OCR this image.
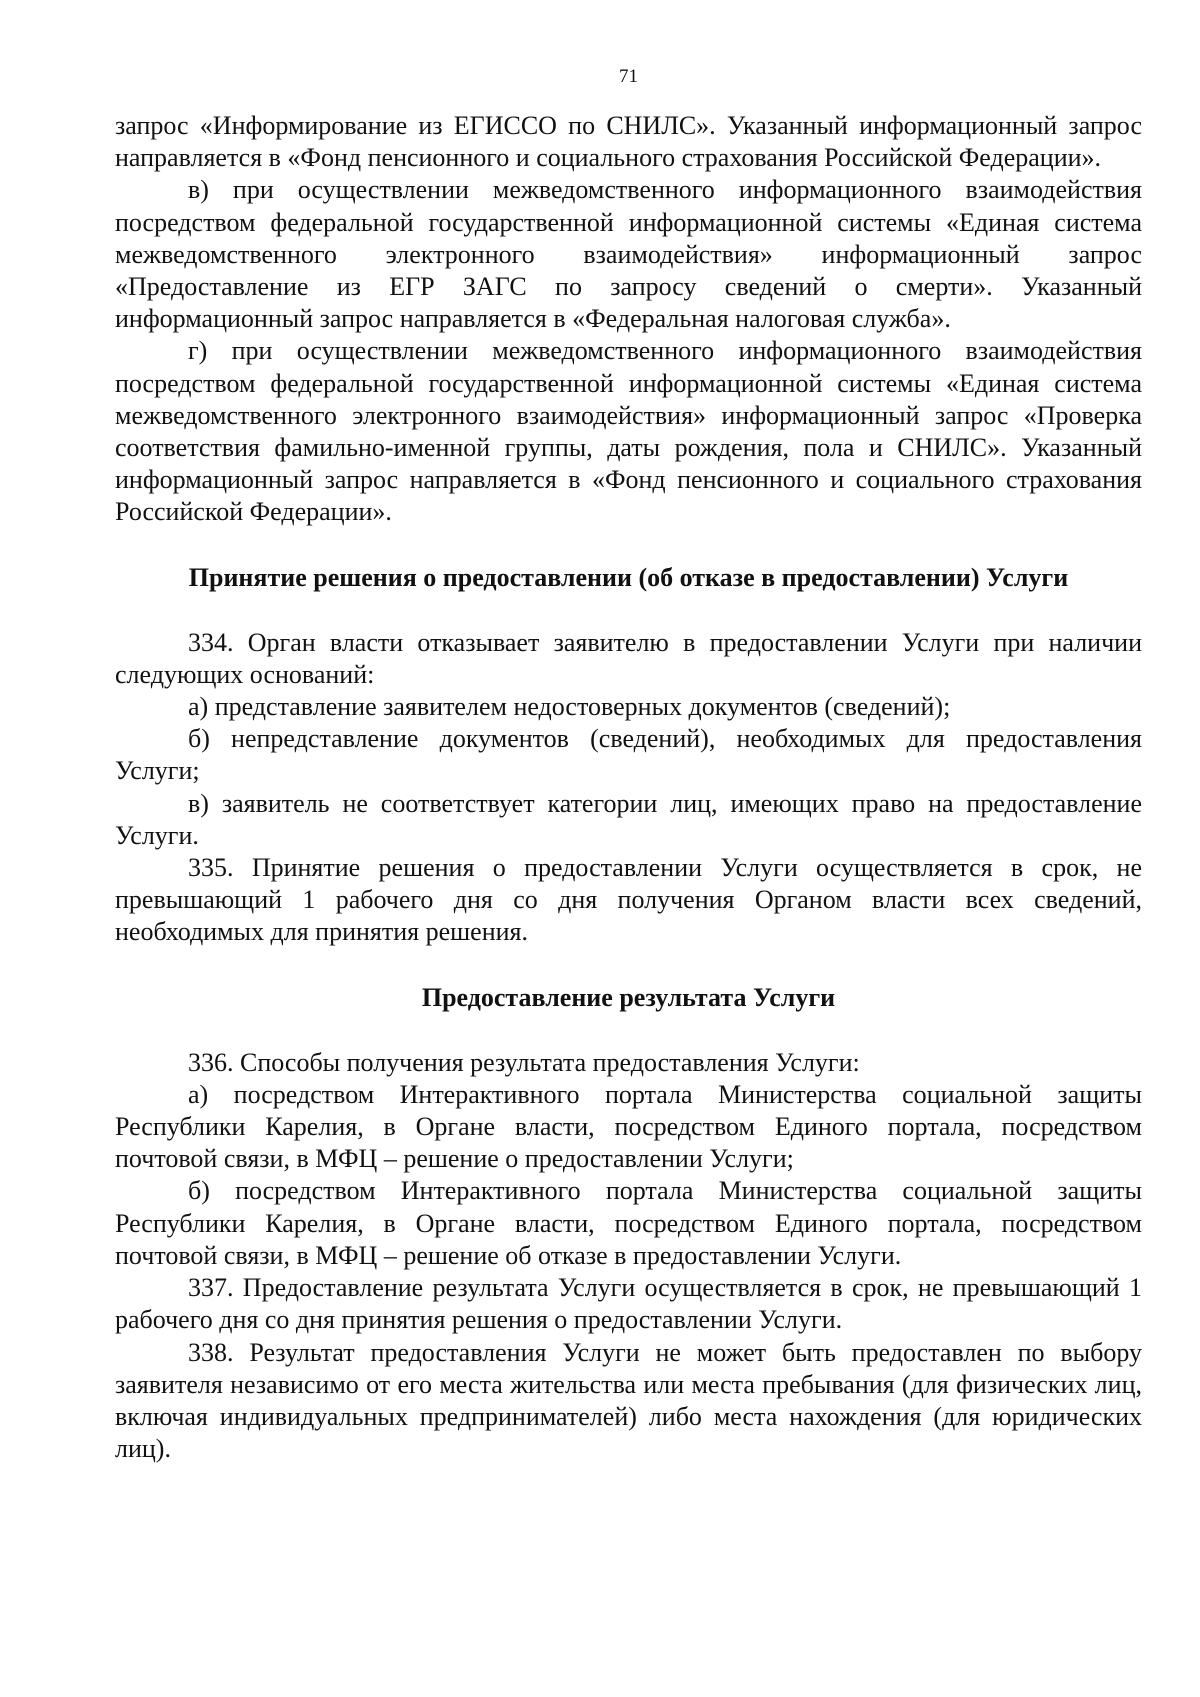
71

запрос «Информирование из ЕГИССО по СНИЛС». Указанный информационный запрос направляется в «Фонд пенсионного и социального страхования Российской Федерации».

в) при осуществлении межведомственного информационного взаимодействия посредством федеральной государственной информационной системы «Единая система межведомственного электронного взаимодействия» информационный запрос «Предоставление из ЕГР ЗАГС по запросу сведений о смерти». Указанный информационный запрос направляется в «Федеральная налоговая служба».

г) при осуществлении межведомственного информационного взаимодействия посредством федеральной государственной информационной системы «Единая система межведомственного электронного взаимодействия» информационный запрос «Проверка соответствия фамильно-именной группы, даты рождения, пола и СНИЛС». Указанный информационный запрос направляется в «Фонд пенсионного и социального страхования Российской Федерации».

Принятие решения о предоставлении (об отказе в предоставлении) Услуги

334. Орган власти отказывает заявителю в предоставлении Услуги при наличии следующих оснований:

а) представление заявителем недостоверных документов (сведений);

б) непредставление документов (сведений), необходимых для предоставления Услуги;

в) заявитель не соответствует категории лиц, имеющих право на предоставление Услуги.

335. Принятие решения о предоставлении Услуги осуществляется в срок, не превышающий 1 рабочего дня со дня получения Органом власти всех сведений, необходимых для принятия решения.

Предоставление результата Услуги

336. Способы получения результата предоставления Услуги:

а) посредством Интерактивного портала Министерства социальной защиты Республики Карелия, в Органе власти, посредством Единого портала, посредством почтовой связи, в МФЦ – решение о предоставлении Услуги;

б) посредством Интерактивного портала Министерства социальной защиты Республики Карелия, в Органе власти, посредством Единого портала, посредством почтовой связи, в МФЦ – решение об отказе в предоставлении Услуги.

337. Предоставление результата Услуги осуществляется в срок, не превышающий 1 рабочего дня со дня принятия решения о предоставлении Услуги.

338. Результат предоставления Услуги не может быть предоставлен по выбору заявителя независимо от его места жительства или места пребывания (для физических лиц, включая индивидуальных предпринимателей) либо места нахождения (для юридических лиц).
